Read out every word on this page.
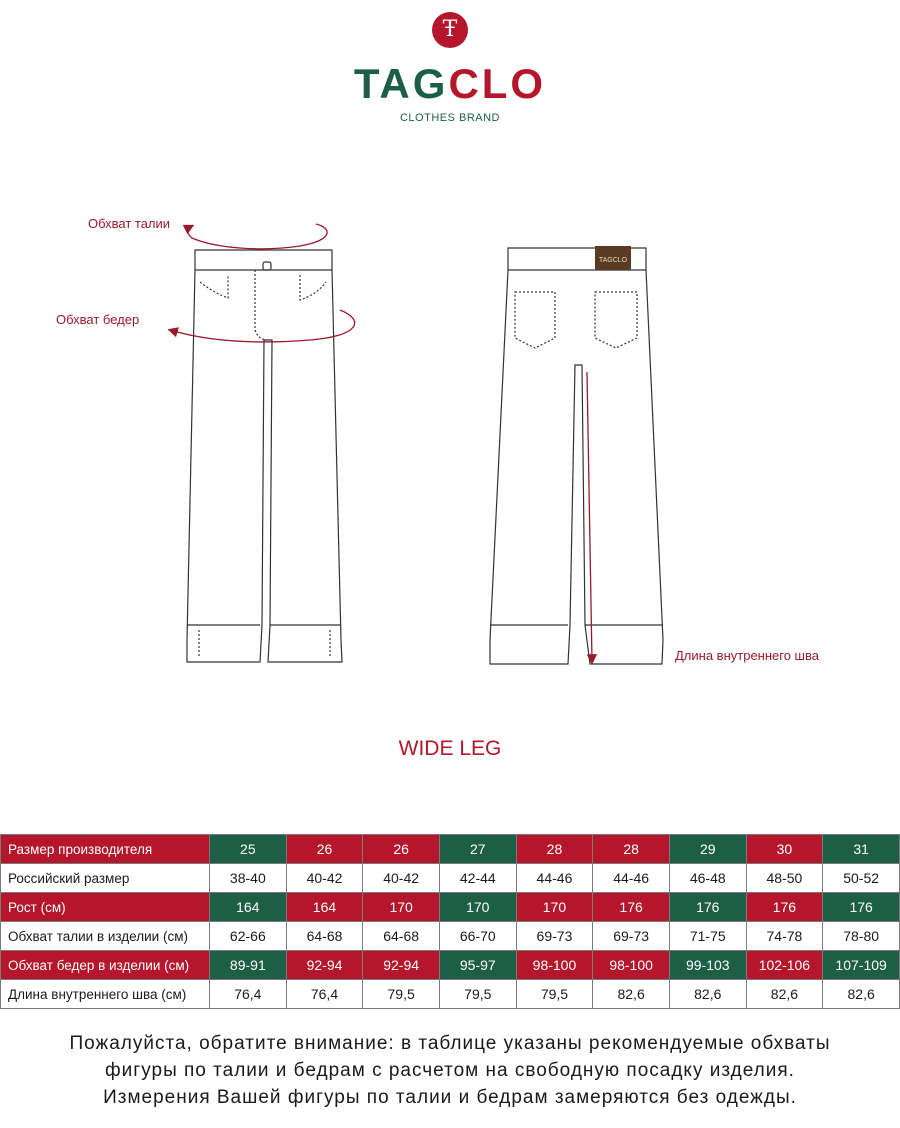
Ŧ
TAGCLO
CLOTHES BRAND
TAGCLO
Обхват талии
Обхват бедер
Длина внутреннего шва
WIDE LEG
Размер производителя	25	26	26	27	28	28	29	30	31
Российский размер	38-40	40-42	40-42	42-44	44-46	44-46	46-48	48-50	50-52
Рост (см)	164	164	170	170	170	176	176	176	176
Обхват талии в изделии (см)	62-66	64-68	64-68	66-70	69-73	69-73	71-75	74-78	78-80
Обхват бедер в изделии (см)	89-91	92-94	92-94	95-97	98-100	98-100	99-103	102-106	107-109
Длина внутреннего шва (см)	76,4	76,4	79,5	79,5	79,5	82,6	82,6	82,6	82,6
Пожалуйста, обратите внимание: в таблице указаны рекомендуемые обхваты
фигуры по талии и бедрам с расчетом на свободную посадку изделия.
Измерения Вашей фигуры по талии и бедрам замеряются без одежды.
